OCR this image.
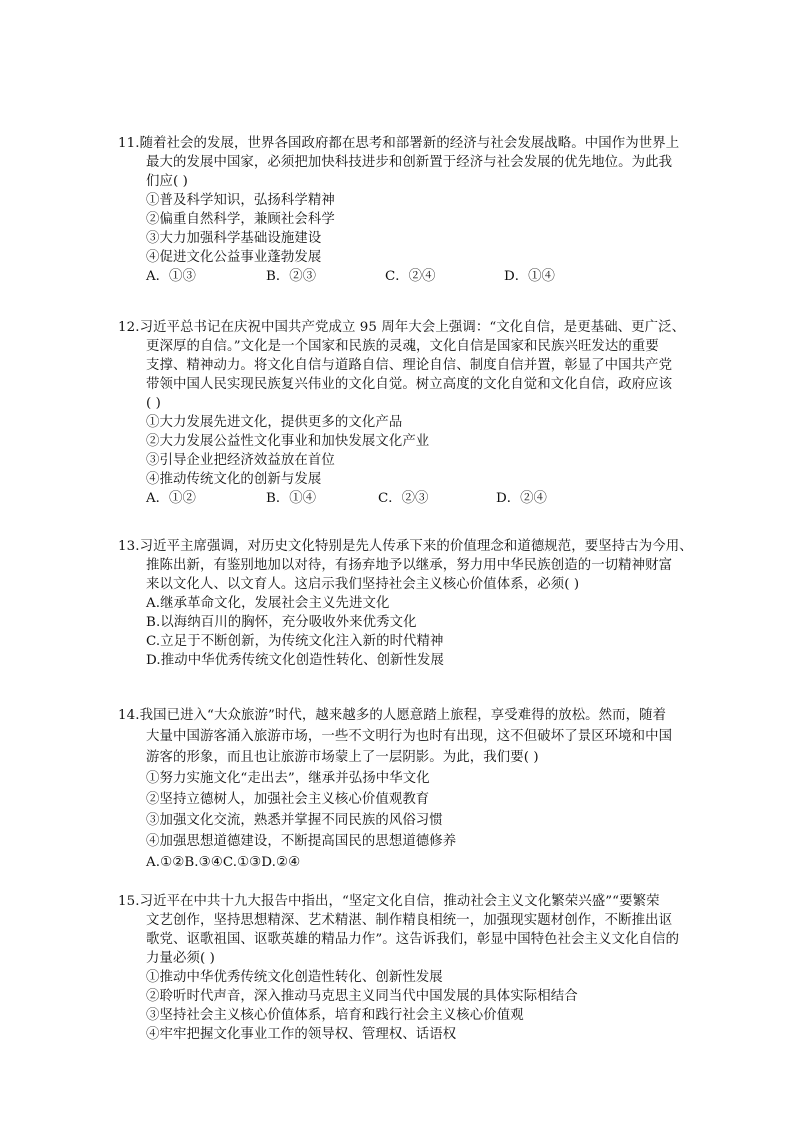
11.随着社会的发展，世界各国政府都在思考和部署新的经济与社会发展战略。中国作为世界上
最大的发展中国家，必须把加快科技进步和创新置于经济与社会发展的优先地位。为此我
们应( )
①普及科学知识，弘扬科学精神
②偏重自然科学，兼顾社会科学
③大力加强科学基础设施建设
④促进文化公益事业蓬勃发展
A．①③	B．②③	C．②④	D．①④
12.习近平总书记在庆祝中国共产党成立 95 周年大会上强调：“文化自信，是更基础、更广泛、
更深厚的自信。”文化是一个国家和民族的灵魂，文化自信是国家和民族兴旺发达的重要
支撑、精神动力。将文化自信与道路自信、理论自信、制度自信并置，彰显了中国共产党
带领中国人民实现民族复兴伟业的文化自觉。树立高度的文化自觉和文化自信，政府应该
( )
①大力发展先进文化，提供更多的文化产品
②大力发展公益性文化事业和加快发展文化产业
③引导企业把经济效益放在首位
④推动传统文化的创新与发展
A．①②	B．①④	C．②③	D．②④
13.习近平主席强调，对历史文化特别是先人传承下来的价值理念和道德规范，要坚持古为今用、
推陈出新，有鉴别地加以对待，有扬弃地予以继承，努力用中华民族创造的一切精神财富
来以文化人、以文育人。这启示我们坚持社会主义核心价值体系，必须( )
A.继承革命文化，发展社会主义先进文化
B.以海纳百川的胸怀，充分吸收外来优秀文化
C.立足于不断创新，为传统文化注入新的时代精神
D.推动中华优秀传统文化创造性转化、创新性发展
14.我国已进入“大众旅游”时代，越来越多的人愿意踏上旅程，享受难得的放松。然而，随着
大量中国游客涌入旅游市场，一些不文明行为也时有出现，这不但破坏了景区环境和中国
游客的形象，而且也让旅游市场蒙上了一层阴影。为此，我们要( )
①努力实施文化“走出去”，继承并弘扬中华文化
②坚持立德树人，加强社会主义核心价值观教育
③加强文化交流，熟悉并掌握不同民族的风俗习惯
④加强思想道德建设，不断提高国民的思想道德修养
A.①②B.③④C.①③D.②④
15.习近平在中共十九大报告中指出，“坚定文化自信，推动社会主义文化繁荣兴盛”“要繁荣
文艺创作，坚持思想精深、艺术精湛、制作精良相统一，加强现实题材创作，不断推出讴
歌党、讴歌祖国、讴歌英雄的精品力作”。这告诉我们，彰显中国特色社会主义文化自信的
力量必须( )
①推动中华优秀传统文化创造性转化、创新性发展
②聆听时代声音，深入推动马克思主义同当代中国发展的具体实际相结合
③坚持社会主义核心价值体系，培育和践行社会主义核心价值观
④牢牢把握文化事业工作的领导权、管理权、话语权
